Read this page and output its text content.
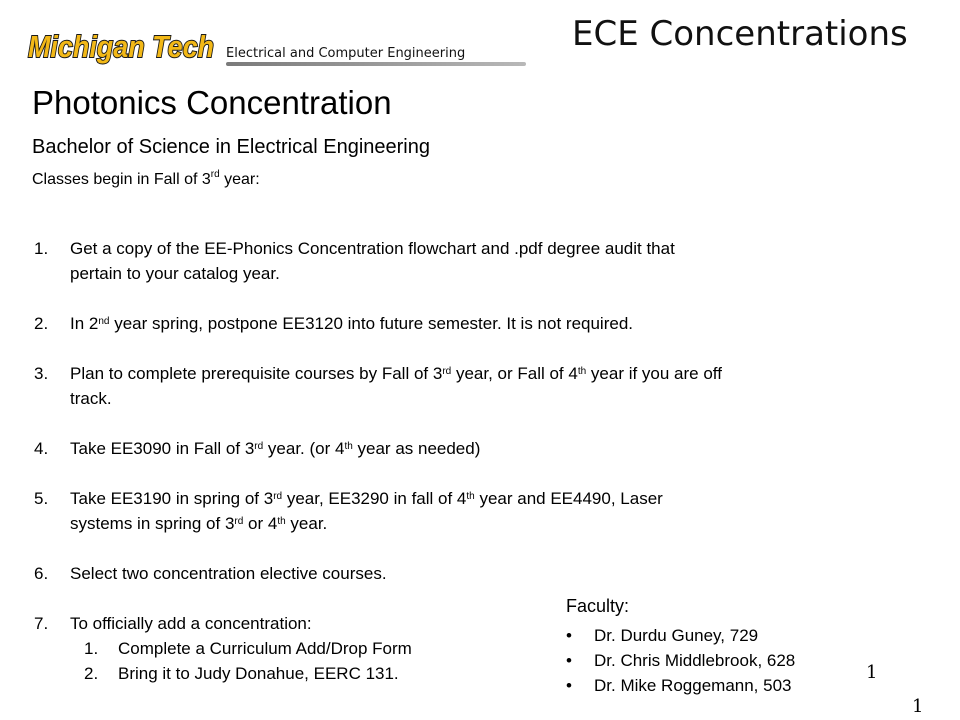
Michigan Tech Electrical and Computer Engineering	ECE Concentrations
Photonics Concentration
Bachelor of Science in Electrical Engineering
Classes begin in Fall of 3rd year:
1. Get a copy of the EE-Phonics Concentration flowchart and .pdf degree audit that
pertain to your catalog year.
2. In 2nd year spring, postpone EE3120 into future semester. It is not required.
3. Plan to complete prerequisite courses by Fall of 3rd year, or Fall of 4th year if you are off
track.
4. Take EE3090 in Fall of 3rd year. (or 4th year as needed)
5. Take EE3190 in spring of 3rd year, EE3290 in fall of 4th year and EE4490, Laser
systems in spring of 3rd or 4th year.
6. Select two concentration elective courses.
7. To officially add a concentration:
1. Complete a Curriculum Add/Drop Form
2. Bring it to Judy Donahue, EERC 131.
Faculty:
• Dr. Durdu Guney, 729
• Dr. Chris Middlebrook, 628
• Dr. Mike Roggemann, 503
1
1
